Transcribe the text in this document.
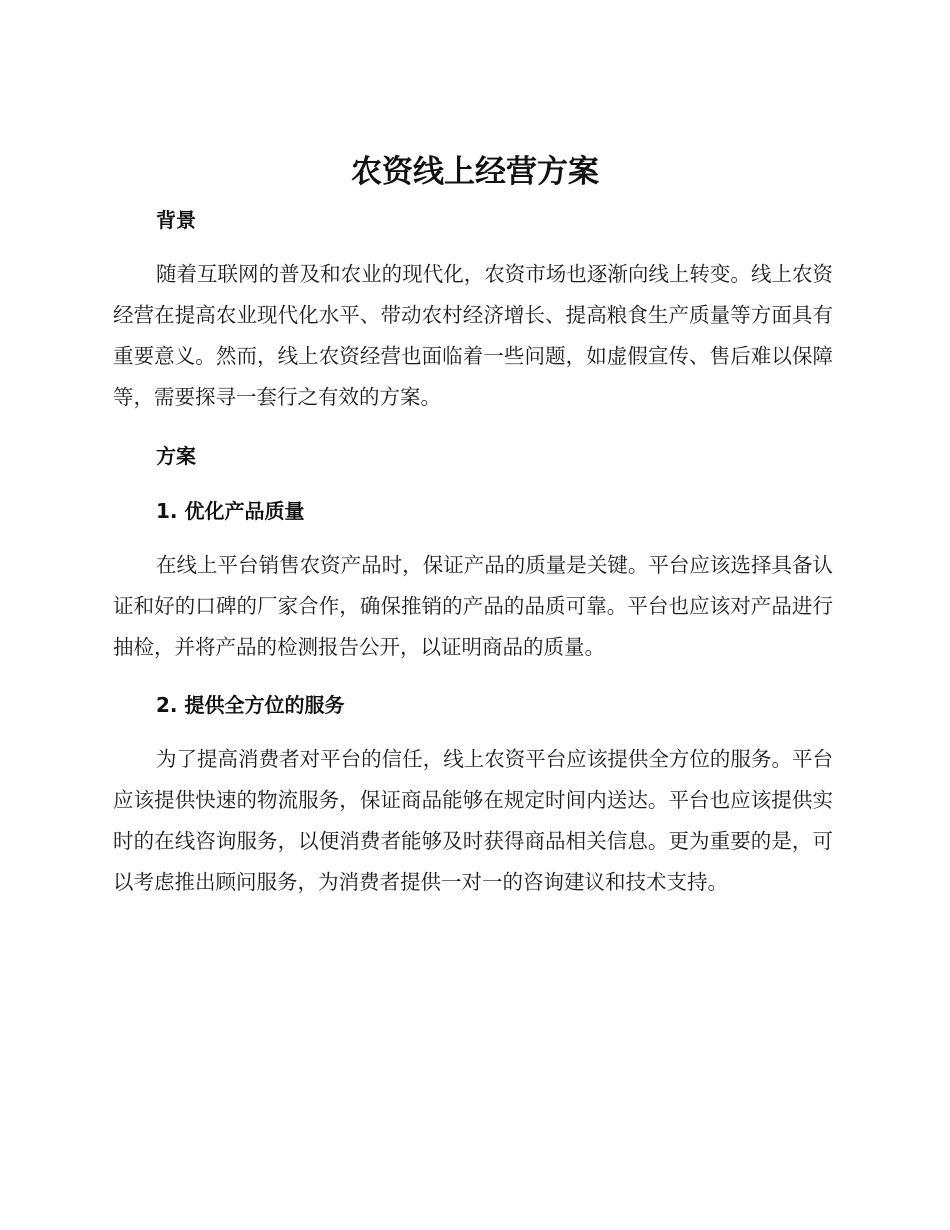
农资线上经营方案
背景

随着互联网的普及和农业的现代化，农资市场也逐渐向线上转变。线上农资经营在提高农业现代化水平、带动农村经济增长、提高粮食生产质量等方面具有重要意义。然而，线上农资经营也面临着一些问题，如虚假宣传、售后难以保障等，需要探寻一套行之有效的方案。

方案
1. 优化产品质量

在线上平台销售农资产品时，保证产品的质量是关键。平台应该选择具备认证和好的口碑的厂家合作，确保推销的产品的品质可靠。平台也应该对产品进行抽检，并将产品的检测报告公开，以证明商品的质量。

2. 提供全方位的服务

为了提高消费者对平台的信任，线上农资平台应该提供全方位的服务。平台应该提供快速的物流服务，保证商品能够在规定时间内送达。平台也应该提供实时的在线咨询服务，以便消费者能够及时获得商品相关信息。更为重要的是，可以考虑推出顾问服务，为消费者提供一对一的咨询建议和技术支持。
